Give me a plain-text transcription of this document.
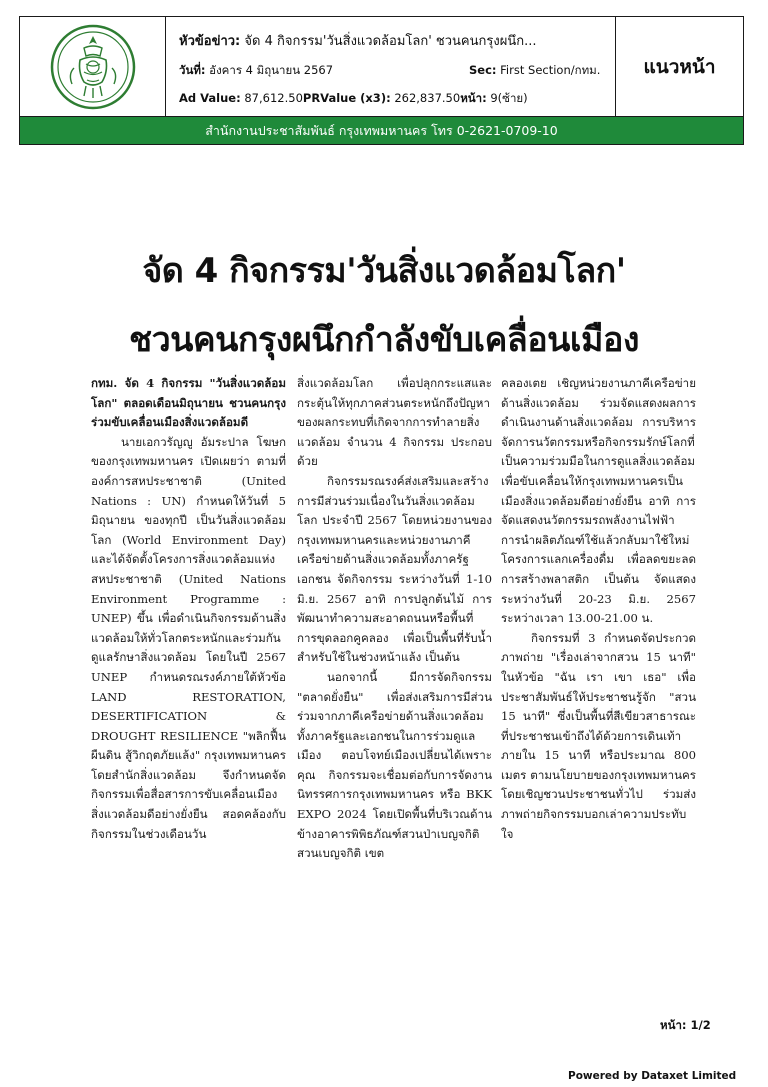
หัวข้อข่าว: จัด 4 กิจกรรม'วันสิ่งแวดล้อมโลก' ชวนคนกรุงผนึก...
วันที่: อังคาร 4 มิถุนายน 2567	Sec: First Section/กทม.
Ad Value: 87,612.50PRValue (x3): 262,837.50หน้า: 9(ซ้าย)
แนวหน้า
สำนักงานประชาสัมพันธ์ กรุงเทพมหานคร โทร 0-2621-0709-10
จัด 4 กิจกรรม'วันสิ่งแวดล้อมโลก'
ชวนคนกรุงผนึกกำลังขับเคลื่อนเมือง

กทม. จัด 4 กิจกรรม "วันสิ่งแวดล้อมโลก" ตลอดเดือนมิถุนายน ชวนคนกรุงร่วมขับเคลื่อนเมืองสิ่งแวดล้อมดี

นายเอกวรัญญู อัมระปาล โฆษกของกรุงเทพมหานคร เปิดเผยว่า ตามที่องค์การสหประชาชาติ (United Nations : UN) กำหนดให้วันที่ 5 มิถุนายน ของทุกปี เป็นวันสิ่งแวดล้อมโลก (World Environment Day) และได้จัดตั้งโครงการสิ่งแวดล้อมแห่งสหประชาชาติ (United Nations Environment Programme : UNEP) ขึ้น เพื่อดำเนินกิจกรรมด้านสิ่งแวดล้อมให้ทั่วโลกตระหนักและร่วมกันดูแลรักษาสิ่งแวดล้อม โดยในปี 2567 UNEP กำหนดรณรงค์ภายใต้หัวข้อ LAND RESTORATION, DESERTIFICATION & DROUGHT RESILIENCE "พลิกฟื้นผืนดิน สู้วิกฤตภัยแล้ง" กรุงเทพมหานคร โดยสำนักสิ่งแวดล้อม จึงกำหนดจัดกิจกรรมเพื่อสื่อสารการขับเคลื่อนเมืองสิ่งแวดล้อมดีอย่างยั่งยืน สอดคล้องกับกิจกรรมในช่วงเดือนวัน

สิ่งแวดล้อมโลก เพื่อปลุกกระแสและกระตุ้นให้ทุกภาคส่วนตระหนักถึงปัญหาของผลกระทบที่เกิดจากการทำลายสิ่งแวดล้อม จำนวน 4 กิจกรรม ประกอบด้วย

กิจกรรมรณรงค์ส่งเสริมและสร้างการมีส่วนร่วมเนื่องในวันสิ่งแวดล้อมโลก ประจำปี 2567 โดยหน่วยงานของกรุงเทพมหานครและหน่วยงานภาคีเครือข่ายด้านสิ่งแวดล้อมทั้งภาครัฐ เอกชน จัดกิจกรรม ระหว่างวันที่ 1-10 มิ.ย. 2567 อาทิ การปลูกต้นไม้ การพัฒนาทำความสะอาดถนนหรือพื้นที่ การขุดลอกคูคลอง เพื่อเป็นพื้นที่รับน้ำสำหรับใช้ในช่วงหน้าแล้ง เป็นต้น

นอกจากนี้ มีการจัดกิจกรรม "ตลาดยั่งยืน" เพื่อส่งเสริมการมีส่วนร่วมจากภาคีเครือข่ายด้านสิ่งแวดล้อมทั้งภาครัฐและเอกชนในการร่วมดูแลเมือง ตอบโจทย์เมืองเปลี่ยนได้เพราะคุณ กิจกรรมจะเชื่อมต่อกับการจัดงานนิทรรศการกรุงเทพมหานคร หรือ BKK EXPO 2024 โดยเปิดพื้นที่บริเวณด้านข้างอาคารพิพิธภัณฑ์สวนป่าเบญจกิติ สวนเบญจกิติ เขต

คลองเตย เชิญหน่วยงานภาคีเครือข่ายด้านสิ่งแวดล้อม ร่วมจัดแสดงผลการดำเนินงานด้านสิ่งแวดล้อม การบริหารจัดการนวัตกรรมหรือกิจกรรมรักษ์โลกที่เป็นความร่วมมือในการดูแลสิ่งแวดล้อมเพื่อขับเคลื่อนให้กรุงเทพมหานครเป็นเมืองสิ่งแวดล้อมดีอย่างยั่งยืน อาทิ การจัดแสดงนวัตกรรมรถพลังงานไฟฟ้า การนำผลิตภัณฑ์ใช้แล้วกลับมาใช้ใหม่ โครงการแลกเครื่องดื่ม เพื่อลดขยะลดการสร้างพลาสติก เป็นต้น จัดแสดงระหว่างวันที่ 20-23 มิ.ย. 2567 ระหว่างเวลา 13.00-21.00 น.

กิจกรรมที่ 3 กำหนดจัดประกวดภาพถ่าย "เรื่องเล่าจากสวน 15 นาที" ในหัวข้อ "ฉัน เรา เขา เธอ" เพื่อประชาสัมพันธ์ให้ประชาชนรู้จัก "สวน 15 นาที" ซึ่งเป็นพื้นที่สีเขียวสาธารณะที่ประชาชนเข้าถึงได้ด้วยการเดินเท้าภายใน 15 นาที หรือประมาณ 800 เมตร ตามนโยบายของกรุงเทพมหานคร โดยเชิญชวนประชาชนทั่วไป ร่วมส่งภาพถ่ายกิจกรรมบอกเล่าความประทับใจ

หน้า: 1/2
Powered by Dataxet Limited
